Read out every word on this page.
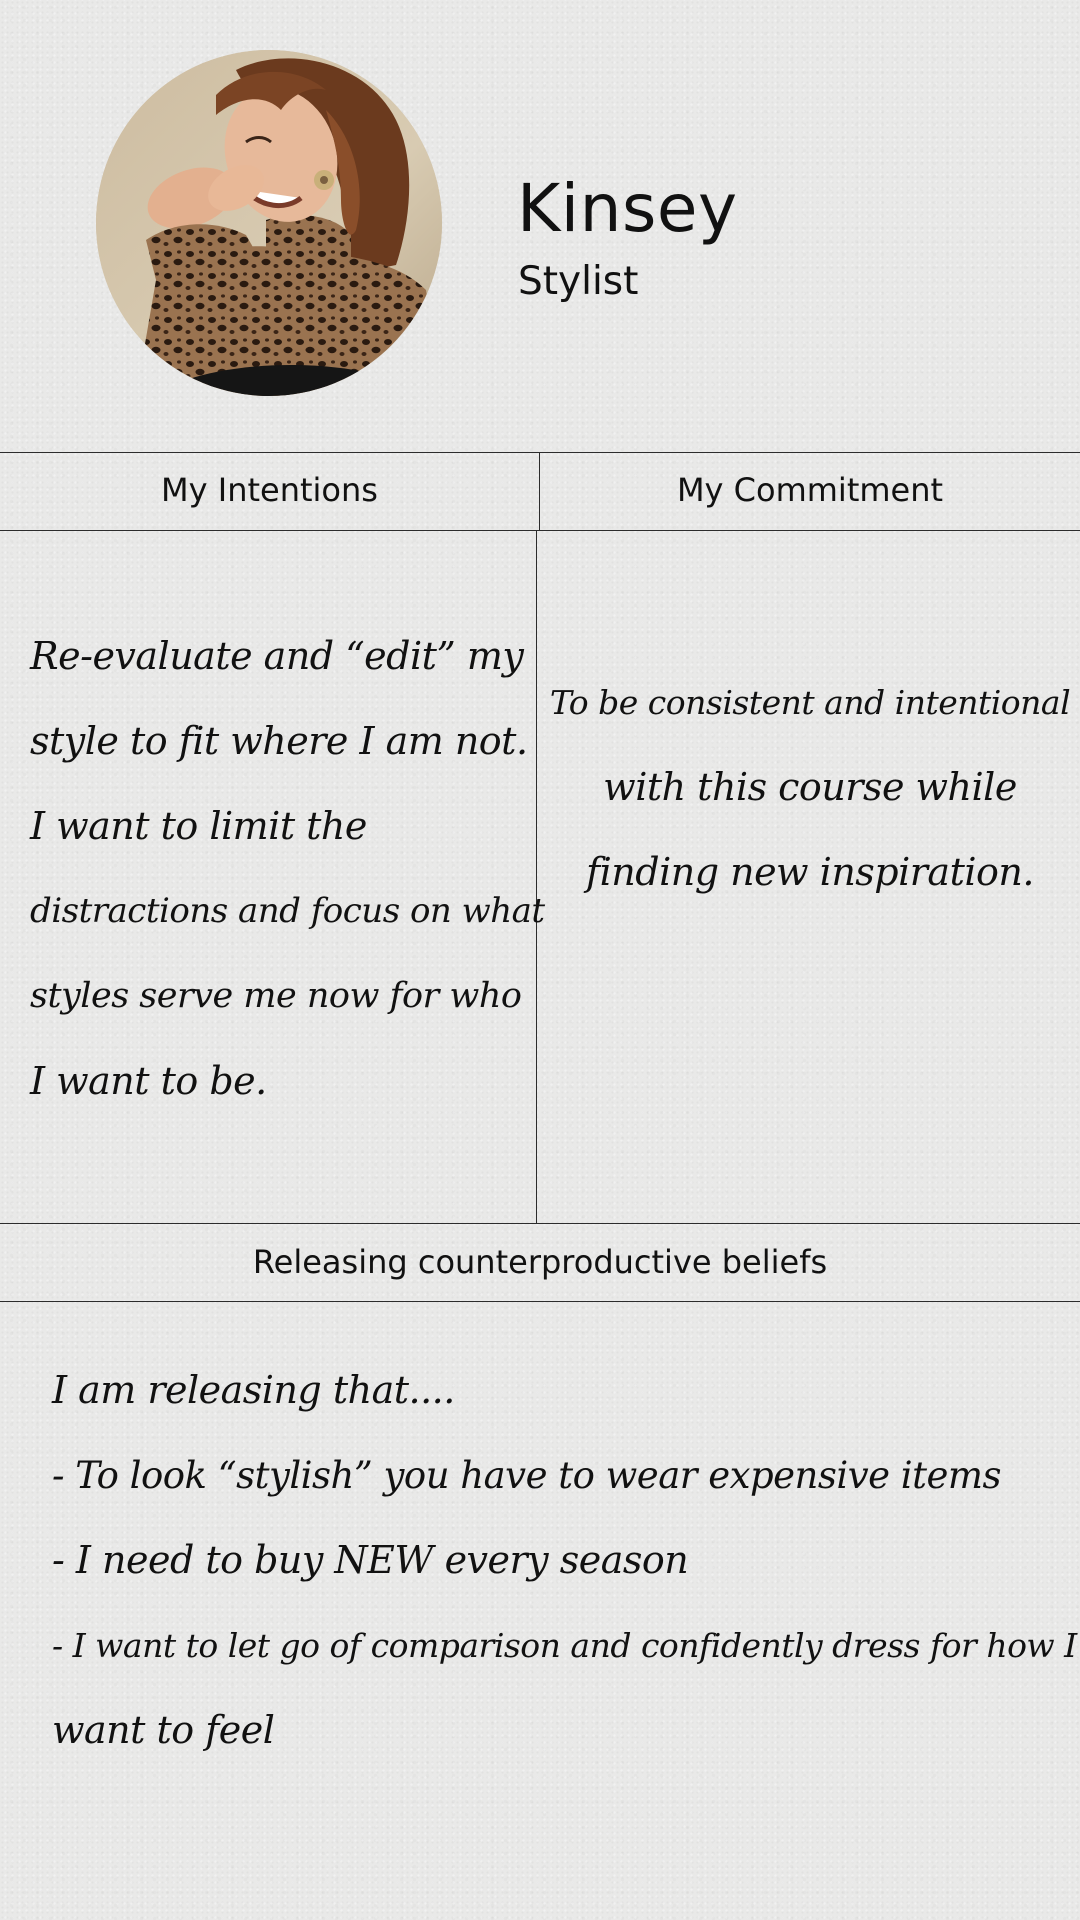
Kinsey
Stylist
My Intentions	My Commitment
Releasing counterproductive beliefs
Re-evaluate and “edit” my
style to fit where I am not.
I want to limit the
distractions and focus on what
styles serve me now for who
I want to be.
To be consistent and intentional
with this course while
finding new inspiration.
I am releasing that....
- To look “stylish” you have to wear expensive items
- I need to buy NEW every season
- I want to let go of comparison and confidently dress for how I
want to feel
